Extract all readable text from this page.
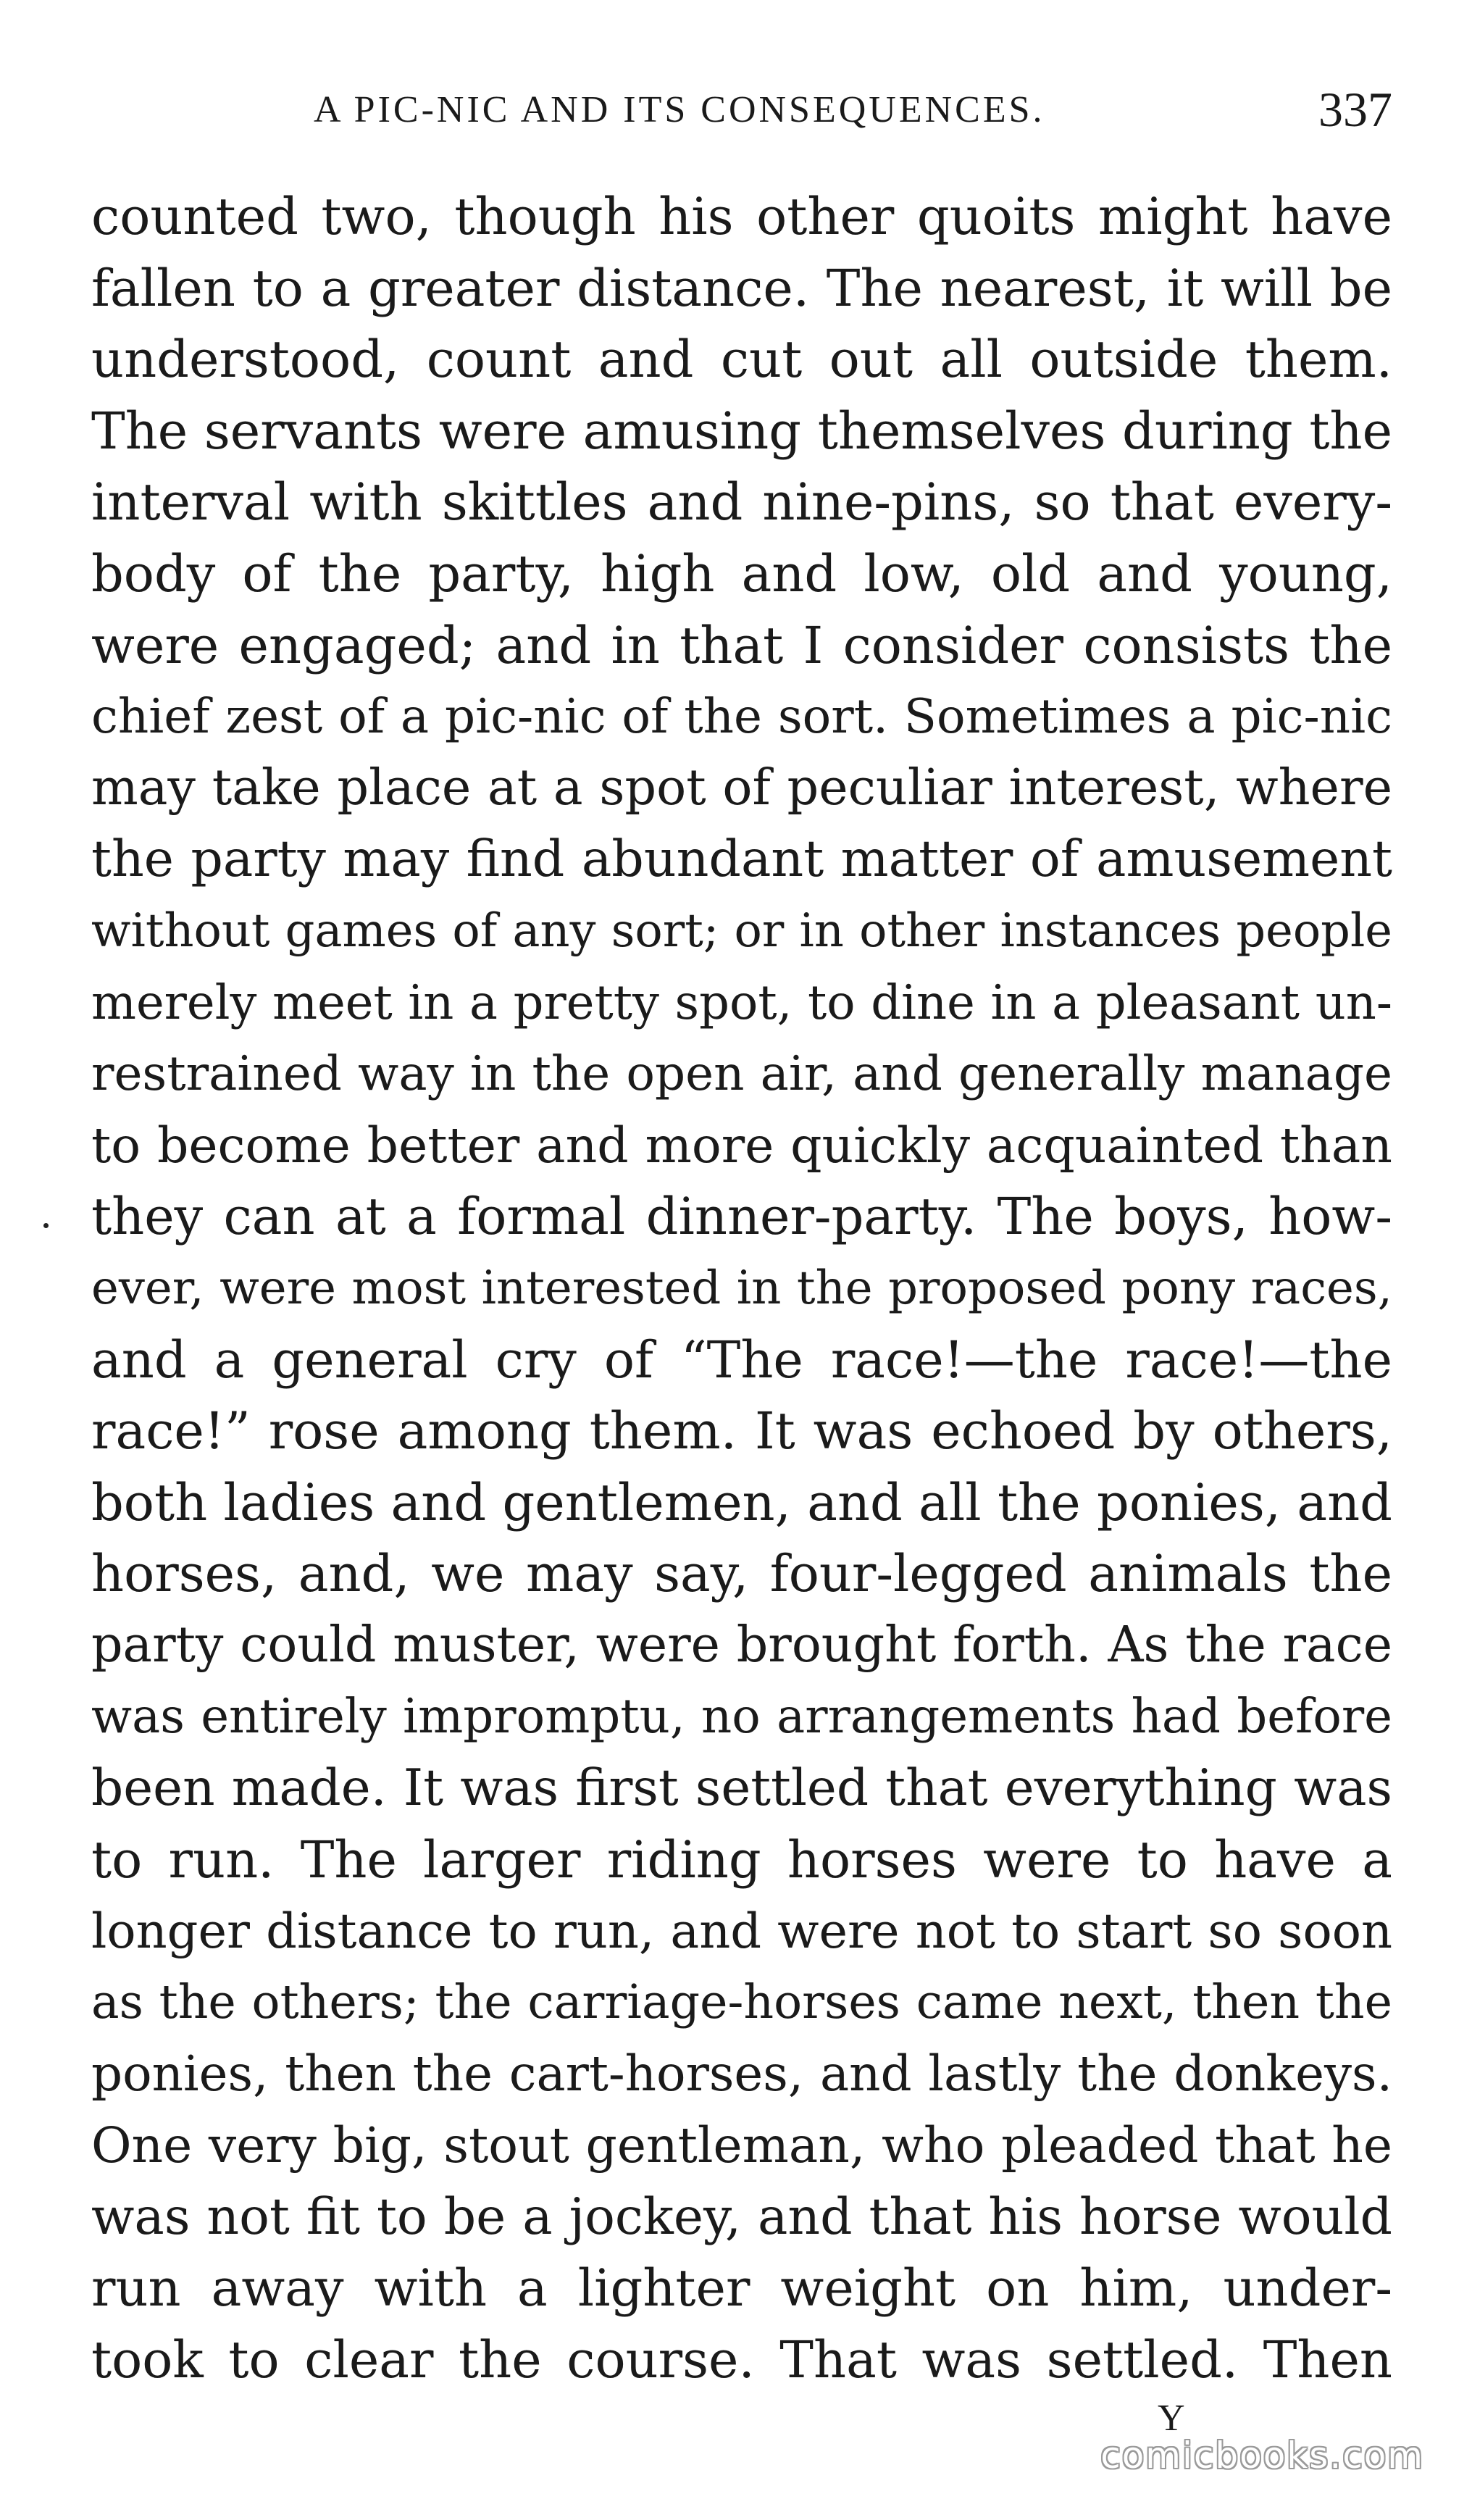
A PIC-NIC AND ITS CONSEQUENCES.	337
counted two, though his other quoits might have
fallen to a greater distance. The nearest, it will be
understood, count and cut out all outside them.
The servants were amusing themselves during the
interval with skittles and nine-pins, so that every-
body of the party, high and low, old and young,
were engaged; and in that I consider consists the
chief zest of a pic-nic of the sort. Sometimes a pic-nic
may take place at a spot of peculiar interest, where
the party may find abundant matter of amusement
without games of any sort; or in other instances people
merely meet in a pretty spot, to dine in a pleasant un-
restrained way in the open air, and generally manage
to become better and more quickly acquainted than
they can at a formal dinner-party. The boys, how-
ever, were most interested in the proposed pony races,
and a general cry of “The race!—the race!—the
race!” rose among them. It was echoed by others,
both ladies and gentlemen, and all the ponies, and
horses, and, we may say, four-legged animals the
party could muster, were brought forth. As the race
was entirely impromptu, no arrangements had before
been made. It was first settled that everything was
to run. The larger riding horses were to have a
longer distance to run, and were not to start so soon
as the others; the carriage-horses came next, then the
ponies, then the cart-horses, and lastly the donkeys.
One very big, stout gentleman, who pleaded that he
was not fit to be a jockey, and that his horse would
run away with a lighter weight on him, under-
took to clear the course. That was settled. Then
Y
comicbooks.com
